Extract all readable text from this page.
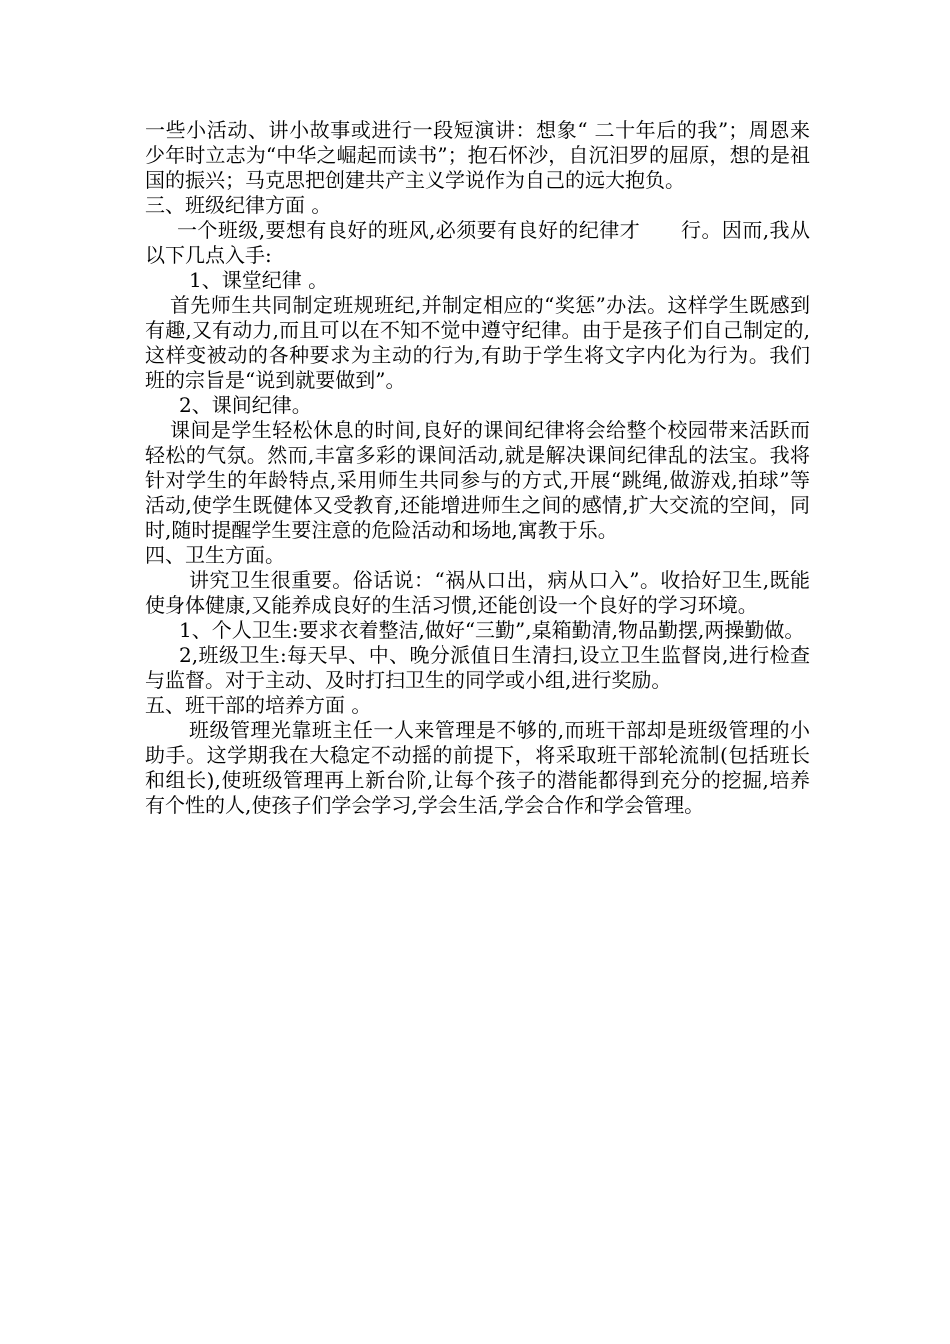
一些小活动、讲小故事或进行一段短演讲：想象“ 二十年后的我”；周恩来少年时立志为“中华之崛起而读书”；抱石怀沙，自沉汨罗的屈原，想的是祖国的振兴；马克思把创建共产主义学说作为自己的远大抱负。

三、班级纪律方面 。

一个班级,要想有良好的班风,必须要有良好的纪律才　　行。因而,我从以下几点入手:

1、课堂纪律 。

首先师生共同制定班规班纪,并制定相应的“奖惩”办法。这样学生既感到有趣,又有动力,而且可以在不知不觉中遵守纪律。由于是孩子们自己制定的,这样变被动的各种要求为主动的行为,有助于学生将文字内化为行为。我们班的宗旨是“说到就要做到”。

2、课间纪律。

课间是学生轻松休息的时间,良好的课间纪律将会给整个校园带来活跃而轻松的气氛。然而,丰富多彩的课间活动,就是解决课间纪律乱的法宝。我将针对学生的年龄特点,采用师生共同参与的方式,开展“跳绳,做游戏,拍球”等活动,使学生既健体又受教育,还能增进师生之间的感情,扩大交流的空间，同时,随时提醒学生要注意的危险活动和场地,寓教于乐。

四、卫生方面。

讲究卫生很重要。俗话说：“祸从口出，病从口入”。收拾好卫生,既能使身体健康,又能养成良好的生活习惯,还能创设一个良好的学习环境。

1、个人卫生:要求衣着整洁,做好“三勤”,桌箱勤清,物品勤摆,两操勤做。

2,班级卫生:每天早、中、晚分派值日生清扫,设立卫生监督岗,进行检查与监督。对于主动、及时打扫卫生的同学或小组,进行奖励。

五、班干部的培养方面 。

班级管理光靠班主任一人来管理是不够的,而班干部却是班级管理的小助手。这学期我在大稳定不动摇的前提下，将采取班干部轮流制(包括班长和组长),使班级管理再上新台阶,让每个孩子的潜能都得到充分的挖掘,培养有个性的人,使孩子们学会学习,学会生活,学会合作和学会管理。
